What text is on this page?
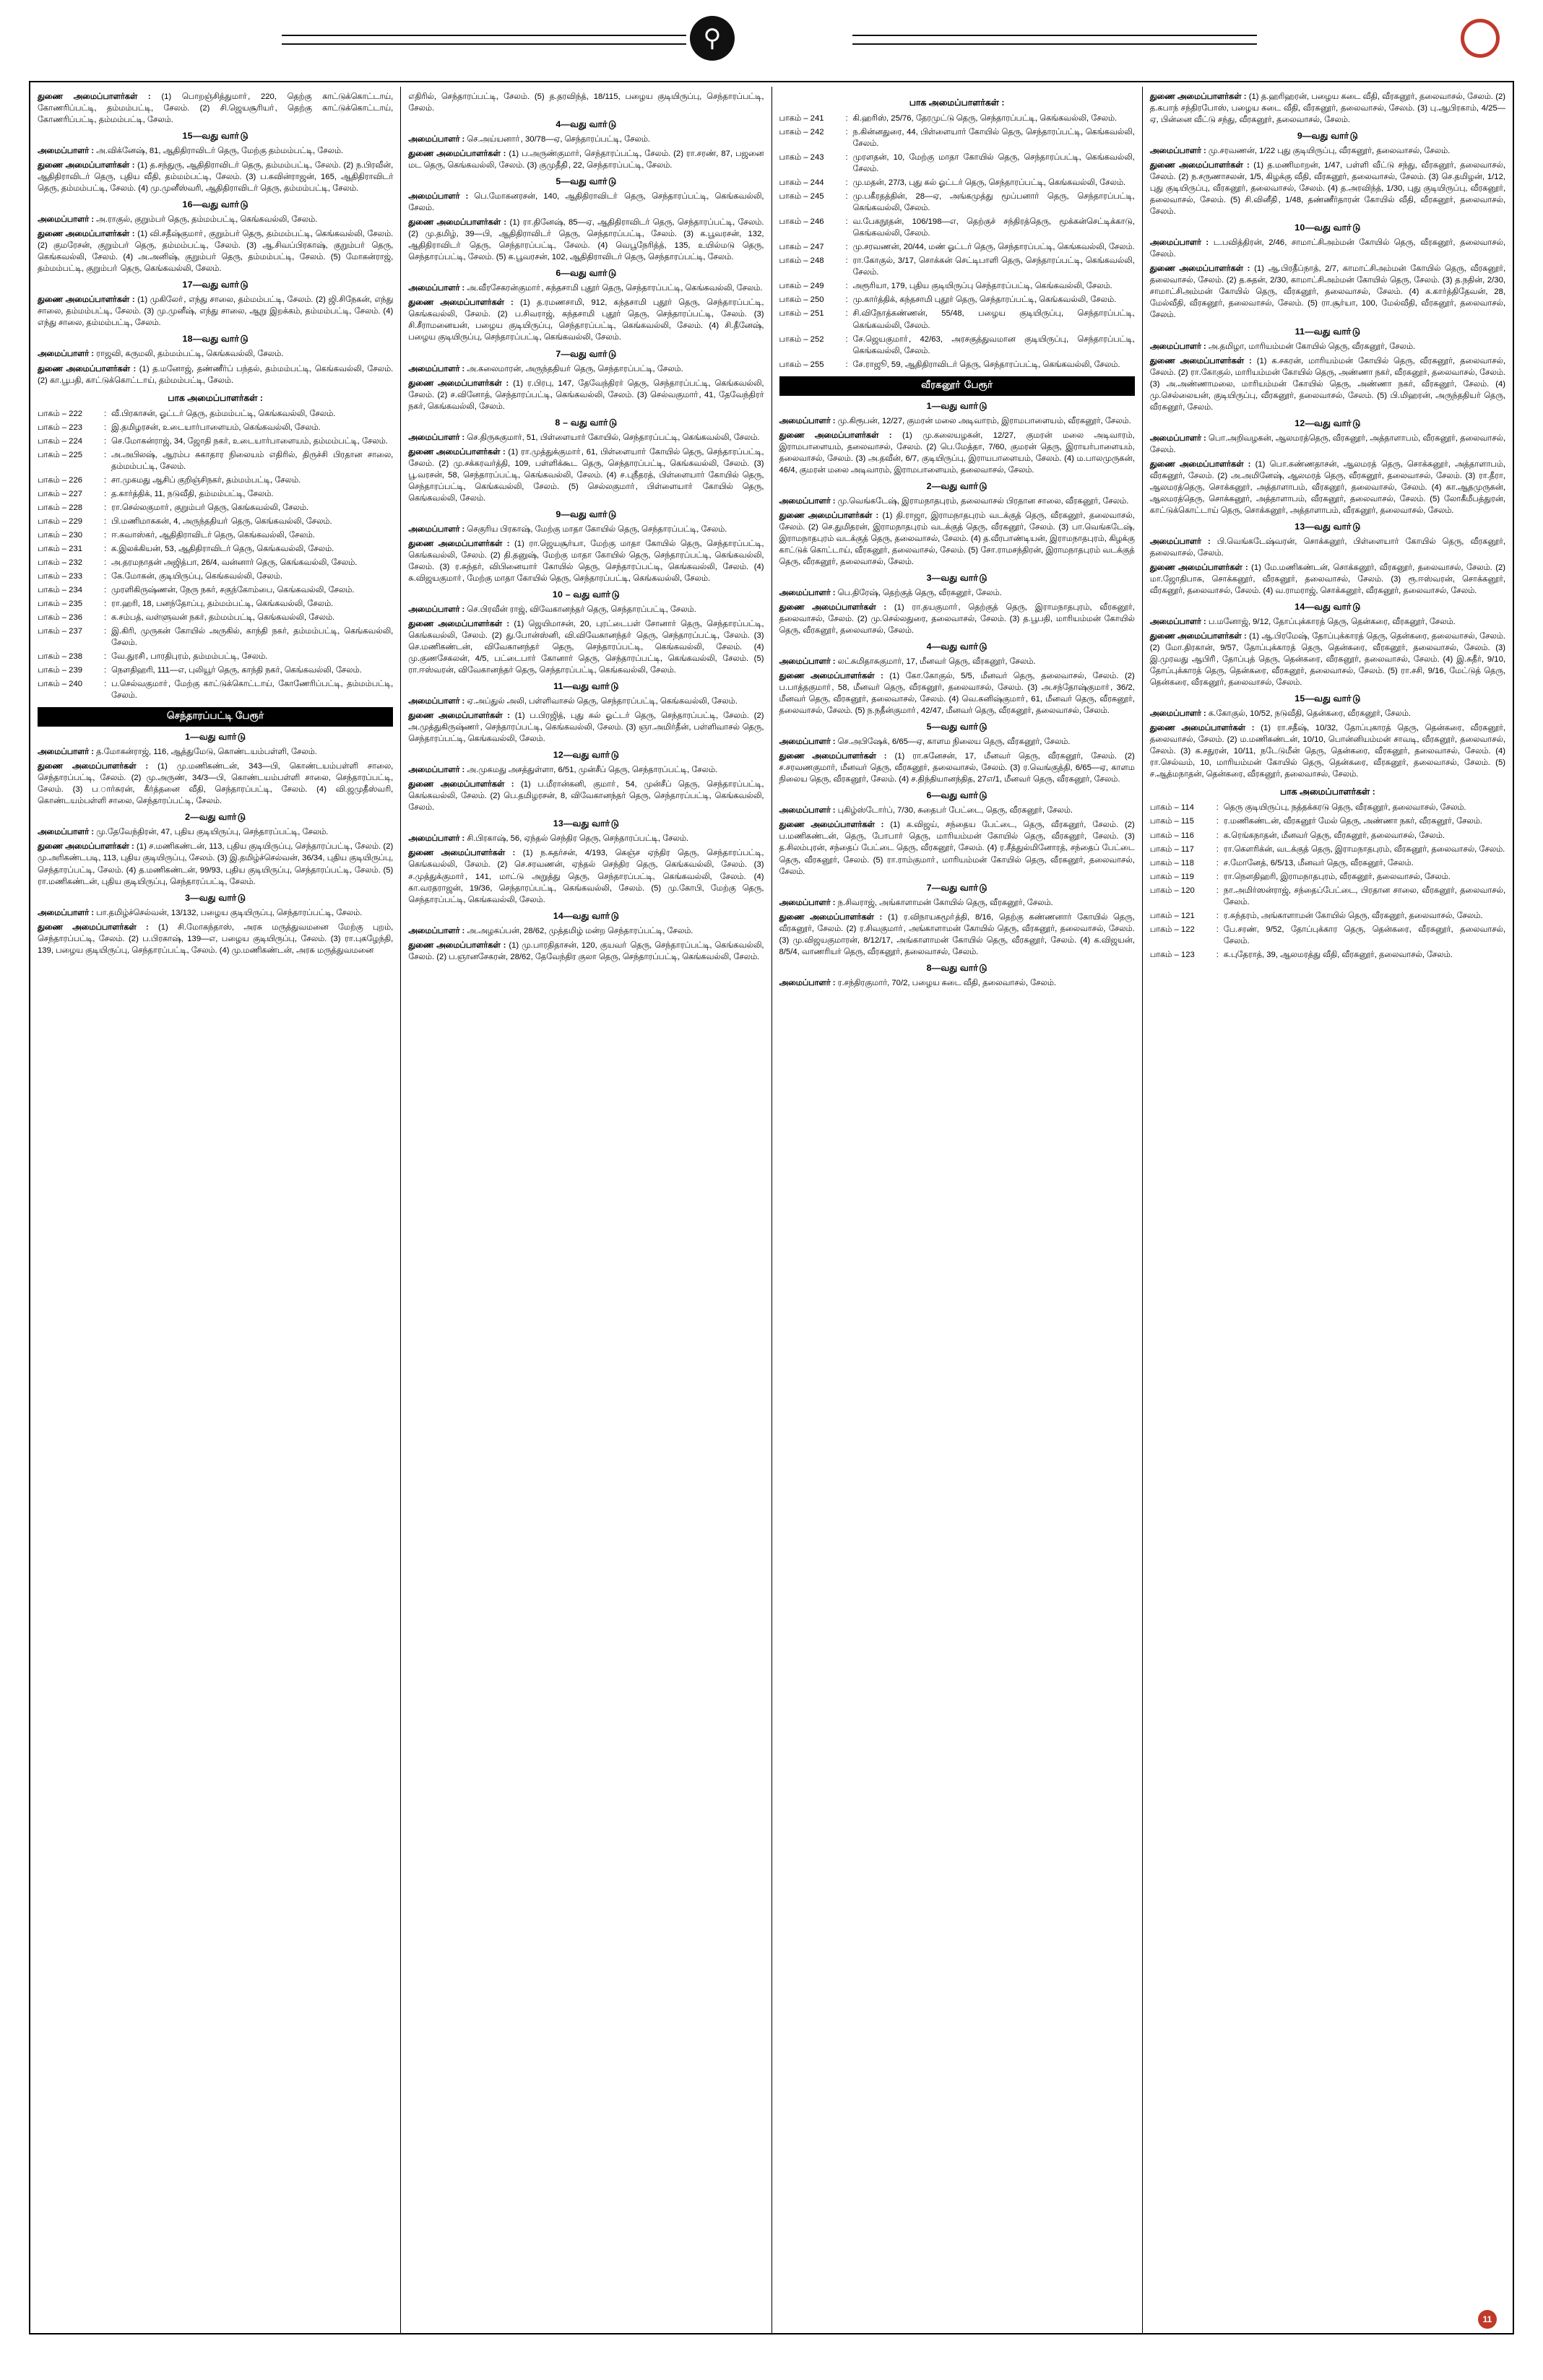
⚲

துணை அமைப்பாளர்கள் : (1) பொறஞ்சித்துமாா், 220, தெற்கு காட்டுக்கொட்டாய், கோணரிப்பட்டி, தம்மம்பட்டி, சேலம். (2) சி.ஜெயசூரியா், தெற்கு காட்டுக்கொட்டாய், கோணரிப்பட்டி, தம்மம்பட்டி, சேலம்.

15—வது வாா்டு

அமைப்பாளர் : அ.விக்னேஷ், 81, ஆதிதிராவிடர் தெரு, மேற்கு தம்மம்பட்டி, சேலம்.

துணை அமைப்பாளர்கள் : (1) த.சந்துரு, ஆதிதிராவிடர் தெரு, தம்மம்பட்டி, சேலம். (2) ந.பிரவீன், ஆதிதிராவிடர் தெரு, புதிய வீதி, தம்மம்பட்டி, சேலம். (3) ப.கவின்ராஜன், 165, ஆதிதிராவிடர் தெரு, தம்மம்பட்டி, சேலம். (4) மு.முனீஸ்வரி, ஆதிதிராவிடர் தெரு, தம்மம்பட்டி, சேலம்.

16—வது வாா்டு

அமைப்பாளர் : அ.ராகுல், குறும்பர் தெரு, தம்மம்பட்டி, கெங்கவல்லி, சேலம்.

துணை அமைப்பாளர்கள் : (1) வி.சதீஷ்குமாா், குறும்பர் தெரு, தம்மம்பட்டி, கெங்கவல்லி, சேலம். (2) குமரேசன், குறும்பர் தெரு, தம்மம்பட்டி, சேலம். (3) ஆ.சிவப்பிரகாஷ், குறும்பா் தெரு, கெங்கவல்லி, சேலம். (4) அ.அனிஷ், குறும்பர் தெரு, தம்மம்பட்டி, சேலம். (5) மோகன்ராஜ், தம்மம்பட்டி, குறும்பா் தெரு, கெங்கவல்லி, சேலம்.

17—வது வாா்டு

துணை அமைப்பாளர்கள் : (1) முகிலோ், எந்து சாலை, தம்மம்பட்டி, சேலம். (2) ஜி.சிநேகன், எந்து சாலை, தம்மம்பட்டி, சேலம். (3) மு.முனீஷ், எந்து சாலை, ஆறு இறக்கம், தம்மம்பட்டி, சேலம். (4) எந்து சாலை, தம்மம்பட்டி, சேலம்.

18—வது வாா்டு

அமைப்பாளர் : ராஜவி, கருமலி, தம்மம்பட்டி, கெங்கவல்லி, சேலம்.

துணை அமைப்பாளர்கள் : (1) த.மனோஜ், தண்ணீர்ப் பந்தல், தம்மம்பட்டி, கெங்கவல்லி, சேலம். (2) கா.பூபதி, காட்டுக்கொட்டாய், தம்மம்பட்டி, சேலம்.

பாக அமைப்பாளர்கள் :
பாகம் – 222	: வீ.பிரகாசன், ஓட்டர் தெரு, தம்மம்பட்டி, கெங்கவல்லி, சேலம்.
பாகம் – 223	: இ.தமிழரசன், உடையார்பாளையம், கெங்கவல்லி, சேலம்.
பாகம் – 224	: செ.மோகன்ராஜ், 34, ஜோதி நகர், உடையார்பாளையம், தம்மம்பட்டி, சேலம்.
பாகம் – 225	: அ.அபிலஷ், ஆரம்ப சுகாதார நிலையம் எதிரில், திருச்சி பிரதான சாலை, தம்மம்பட்டி, சேலம்.
பாகம் – 226	: சா.முகமது ஆசிப் குறிஞ்சிநகர், தம்மம்பட்டி, சேலம்.
பாகம் – 227	: த.கார்த்திக், 11, நடுவீதி, தம்மம்பட்டி, சேலம்.
பாகம் – 228	: ரா.செல்லகுமாா், குறும்பர் தெரு, கெங்கவல்லி, சேலம்.
பாகம் – 229	: பி.மணிமாசுகன், 4, அருந்ததியா் தெரு, கெங்கவல்லி, சேலம்.
பாகம் – 230	: ஈ.கவாஸ்கர், ஆதிதிராவிடர் தெரு, கெங்கவல்லி, சேலம்.
பாகம் – 231	: க.இலக்கியன், 53, ஆதிதிராவிடர் தெரு, கெங்கவல்லி, சேலம்.
பாகம் – 232	: அ.தரமநாதன் அஜித்பா, 26/4, வன்னார் தெரு, கெங்கவல்லி, சேலம்.
பாகம் – 233	: கே.மோகன், குடியிருப்பு, கெங்கவல்லி, சேலம்.
பாகம் – 234	: முரளிகிருஷ்ணன், நேரு நகர், சகுந்கோம்பை, கெங்கவல்லி, சேலம்.
பாகம் – 235	: ரா.ஹரி, 18, பனந்தோப்பு, தம்மம்பட்டி, கெங்கவல்லி, சேலம்.
பாகம் – 236	: க.சம்பத், வள்ளுவன் நகர், தம்மம்பட்டி, கெங்கவல்லி, சேலம்.
பாகம் – 237	: இ.கிரி, முருகன் கோயில் அருகில், காந்தி நகர், தம்மம்பட்டி, கெங்கவல்லி, சேலம்.
பாகம் – 238	: வே.துரசி், பாரதிபுரம், தம்மம்பட்டி, சேலம்.
பாகம் – 239	: நெளதிஹரி, 111—எ, புலியூர் தெரு, காந்தி நகர், கெங்கவல்லி, சேலம்.
பாகம் – 240	: ப.செல்வகுமாா், மேற்கு காட்டுக்கொட்டாய், கோணேரிப்பட்டி, தம்மம்பட்டி, சேலம்.
செந்தாரப்பட்டி பேரூர்
1—வது வாா்டு

அமைப்பாளர் : த.மோகன்ராஜ், 116, ஆத்துமேடு, கொண்டயம்பள்ளி, சேலம்.

துணை அமைப்பாளர்கள் : (1) மு.மணிகண்டன், 343—பி, கொண்டயம்பள்ளி சாலை, செந்தாரப்பட்டி, சேலம். (2) மு.அருண், 34/3—பி, கொண்டயம்பள்ளி சாலை, செந்தாரப்பட்டி, சேலம். (3) ப.ார்சுரன், கீர்த்தனை வீதி, செந்தாரப்பட்டி, சேலம். (4) வி.ஜமுதீஸ்வரி, கொண்டயம்பள்ளி சாலை, செந்தாரப்பட்டி, சேலம்.

2—வது வாா்டு

அமைப்பாளர் : மு.தேவேந்திரன், 47, புதிய குடியிருப்பு, செந்தாரப்பட்டி, சேலம்.

துணை அமைப்பாளர்கள் : (1) ச.மணிகண்டன், 113, புதிய குடியிருப்பு, செந்தாரப்பட்டி, சேலம். (2) மு.அரிகண்டபடி, 113, புதிய குடியிருப்பு, சேலம். (3) இ.தமிழ்ச்செல்வன், 36/34, புதிய குடியிருப்பு, செந்தாரப்பட்டி, சேலம். (4) த.மணிகண்டன், 99/93, புதிய குடியிருப்பு, செந்தாரப்பட்டி, சேலம். (5) ரா.மணிகண்டன், புதிய குடியிருப்பு, செந்தாரப்பட்டி, சேலம்.

3—வது வாா்டு

அமைப்பாளர் : பா.தமிழ்ச்செல்வன், 13/132, பழைய குடியிருப்பு, செந்தாரப்பட்டி, சேலம்.

துணை அமைப்பாளர்கள் : (1) சி.மோகந்தாஸ், அரசு மருத்துவமனை மேற்கு புறம், செந்தாரப்பட்டி, சேலம். (2) ப.பிரகாஷ், 139—எ, பழைய குடியிருப்பு, சேலம். (3) ரா.புகழேந்தி, 139, பழைய குடியிருப்பு, செந்தாரப்பட்டி, சேலம். (4) மு.மணிகண்டன், அரசு மருத்துவமனை

எதிரில், செந்தாரப்பட்டி, சேலம். (5) த.தரவிந்த், 18/115, பழைய குடியிருப்பு, செந்தாரப்பட்டி, சேலம்.

4—வது வாா்டு

அமைப்பாளர் : செ.அய்யனாா், 30/78—ஏ, செந்தாரப்பட்டி, சேலம்.

துணை அமைப்பாளர்கள் : (1) ப.அருண்குமார், செந்தாரப்பட்டி, சேலம். (2) ரா.சரண், 87, பஜனை மட தெரு, கெங்கவல்லி, சேலம். (3) குமுதீதி், 22, செந்தாரப்பட்டி, சேலம்.

5—வது வாா்டு

அமைப்பாளர் : பெ.மோகனரசன், 140, ஆதிதிராவிடா் தெரு, செந்தாரப்பட்டி, கெங்கவல்லி, சேலம்.

துணை அமைப்பாளர்கள் : (1) ரா.தினேஷ், 85—ஏ, ஆதிதிராவிடர் தெரு, செந்தாரப்பட்டி, சேலம். (2) மு.தமிழ், 39—பி, ஆதிதிராவிடா் தெரு, செந்தாரப்பட்டி, சேலம். (3) க.பூவரசன், 132, ஆதிதிராவிடா் தெரு, செந்தாரப்பட்டி, சேலம். (4) வெபூநேரித்த், 135, உயில்மடு தெரு, செந்தாரப்பட்டி, சேலம். (5) க.பூவரசன், 102, ஆதிதிராவிடர் தெரு, செந்தாரப்பட்டி, சேலம்.

6—வது வாா்டு

அமைப்பாளர் : அ.வீரசேகரன்குமாா், கந்தசாமி புதூர் தெரு, செந்தாரப்பட்டி, கெங்கவல்லி, சேலம்.

துணை அமைப்பாளர்கள் : (1) த.ரமணசாமி, 912, கந்தசாமி புதூர் தெரு, செந்தாரப்பட்டி, கெங்கவல்லி, சேலம். (2) ப.சிவராஜ், கந்தசாமி புதூர் தெரு, செந்தாரப்பட்டி, சேலம். (3) சி.சீராமனையன், பழைய குடியிருப்பு, செந்தாரப்பட்டி, கெங்கவல்லி, சேலம். (4) சி.தீனேஷ், பழைய குடியிருப்பு, செந்தாரப்பட்டி, கெங்கவல்லி, சேலம்.

7—வது வாா்டு

அமைப்பாளர் : அ.கலைமாரன், அருந்ததியா் தெரு, செந்தாரப்பட்டி, சேலம்.

துணை அமைப்பாளர்கள் : (1) ர.பிரபு, 147, தேவேந்திரர் தெரு, செந்தாரப்பட்டி, கெங்கவல்லி, சேலம். (2) ச.வினோத், செந்தாரப்பட்டி, கெங்கவல்லி, சேலம். (3) செல்வகுமாா், 41, தேவேந்திரர் நகர், கெங்கவல்லி, சேலம்.

8 – வது வாா்டு

அமைப்பாளர் : செ.திருசுகுமார், 51, பிள்ளையார் கோயில், செந்தாரப்பட்டி, கெங்கவல்லி, சேலம்.

துணை அமைப்பாளர்கள் : (1) ரா.முத்துக்குமாா், 61, பிள்ளையாா் கோயில் தெரு, செந்தாரப்பட்டி, சேலம். (2) மு.சக்கரவர்த்தி, 109, பள்ளிக்கூட தெரு, செந்தாரப்பட்டி, கெங்கவல்லி, சேலம். (3) பூ.வரசன், 58, செந்தாரப்பட்டி, கெங்கவல்லி, சேலம். (4) ச.புநீதரத், பிள்ளையார் கோயில் தெரு, செந்தாரப்பட்டி, கெங்கவல்லி, சேலம். (5) செல்லகுமாா், பிள்ளையாா் கோயில் தெரு, கெங்கவல்லி, சேலம்.

9—வது வாா்டு

அமைப்பாளர் : செகுரிய பிரகாஷ், மேற்கு மாதா கோயில் தெரு, செந்தாரப்பட்டி, சேலம்.

துணை அமைப்பாளர்கள் : (1) ரா.ஜெயசூர்யா, மேற்கு மாதா கோயில் தெரு, செந்தாரப்பட்டி, கெங்கவல்லி, சேலம். (2) தி.தனுஷ், மேற்கு மாதா கோயில் தெரு, செந்தாரப்பட்டி, கெங்கவல்லி, சேலம். (3) ர.சுந்தர், விபினையார் கோயில் தெரு, செந்தாரப்பட்டி, கெங்கவல்லி, சேலம். (4) சு.விஜயகுமாா், மேற்கு மாதா கோயில் தெரு, செந்தாரப்பட்டி, கெங்கவல்லி, சேலம்.

10 – வது வாா்டு

அமைப்பாளர் : செ.பிரவீன் ராஜ், விவேகானந்தர் தெரு, செந்தாரப்பட்டி, சேலம்.

துணை அமைப்பாளர்கள் : (1) ஜெயிமாசன், 20, புரட்டைபள் சோனார் தெரு, செந்தாரப்பட்டி, கெங்கவல்லி, சேலம். (2) து.போன்ஸ்னி, வி.விவேகானந்தா் தெரு, செந்தாரப்பட்டி, சேலம். (3) செ.மணிகண்டன், விவேகானந்தா் தெரு, செந்தாரப்பட்டி, கெங்கவல்லி, சேலம். (4) மு.குணசேகலன், 4/5, பட்டைபார் கோனார் தெரு, செந்தாரப்பட்டி, கெங்கவல்லி, சேலம். (5) ரா.ஈஸ்வரன், விவேகானந்தர் தெரு, செந்தாரப்பட்டி, கெங்கவல்லி, சேலம்.

11—வது வாா்டு

அமைப்பாளர் : ஏ.அப்துல் அலி, பள்ளிவாசல் தெரு, செந்தாரப்பட்டி, கெங்கவல்லி, சேலம்.

துணை அமைப்பாளர்கள் : (1) ப.பிரஜித், புது கல் ஓட்டர் தெரு, செந்தாரப்பட்டி, சேலம். (2) அ.முத்துகிருஷ்ணா், செந்தாரப்பட்டி, கெங்கவல்லி, சேலம். (3) ஞா.அமிர்தீன், பள்ளிவாசல் தெரு, செந்தாரப்பட்டி, கெங்கவல்லி, சேலம்.

12—வது வாா்டு

அமைப்பாளர் : அ.முகமது அசத்துள்ளா, 6/51, முன்சீப் தெரு, செந்தாரப்பட்டி, சேலம்.

துணை அமைப்பாளர்கள் : (1) ப.மீரான்கனி, குமாா், 54, முன்சீப் தெரு, செந்தாரப்பட்டி, கெங்கவல்லி, சேலம். (2) பெ.தமிழரசன், 8, விவேகானந்தர் தெரு, செந்தாரப்பட்டி, கெங்கவல்லி, சேலம்.

13—வது வாா்டு

அமைப்பாளர் : சி.பிரகாஷ், 56, ஏந்தல் செந்திர தெரு, செந்தாரப்பட்டி, சேலம்.

துணை அமைப்பாளர்கள் : (1) ந.சுதர்சன், 4/193, கெஞ்ச ஏந்திர தெரு, செந்தாரப்பட்டி, கெங்கவல்லி, சேலம். (2) செ.சரவணன், ஏந்தல் செந்திர தெரு, கெங்கவல்லி, சேலம். (3) ச.முத்துக்குமாா், 141, மாட்டு அறுத்து தெரு, செந்தாரப்பட்டி, கெங்கவல்லி, சேலம். (4) கா.வரதராஜன், 19/36, செந்தாரப்பட்டி, கெங்கவல்லி, சேலம். (5) மு.கோபி, மேற்கு தெரு, செந்தாரப்பட்டி, கெங்கவல்லி, சேலம்.

14—வது வாா்டு

அமைப்பாளர் : அ.அழகப்பன், 28/62, முத்தமிழ் மன்ற செந்தாரப்பட்டி, சேலம்.

துணை அமைப்பாளர்கள் : (1) மு.பாரதிதாசன், 120, குயவா் தெரு, செந்தாரப்பட்டி, கெங்கவல்லி, சேலம். (2) ப.ஞானசேகரன், 28/62, தேவேந்திர குலா தெரு, செந்தாரப்பட்டி, கெங்கவல்லி, சேலம்.

பாக அமைப்பாளர்கள் :
பாகம் – 241	: கி.ஹரிஸ், 25/76, தேரமுட்டு தெரு, செந்தாரப்பட்டி, கெங்கவல்லி, சேலம்.
பாகம் – 242	: ந.கின்னதுரை, 44, பிள்ளையார் கோயில் தெரு, செந்தாரப்பட்டி, கெங்கவல்லி, சேலம்.
பாகம் – 243	: முரளதன், 10, மேற்கு மாதா கோயில் தெரு, செந்தாரப்பட்டி, கெங்கவல்லி, சேலம்.
பாகம் – 244	: மு.மதன், 27/3, புது கல் ஓட்டர் தெரு, செந்தாரப்பட்டி, கெங்கவல்லி, சேலம்.
பாகம் – 245	: மு.பகீரதத்தின், 28—ஏ, அங்கமுத்து மூப்பனார் தெரு, செந்தாரப்பட்டி, கெங்கவல்லி, சேலம்.
பாகம் – 246	: வ.பேகநூதன், 106/198—எ, தெற்குச் சந்திரத்தெரு, மூக்கன்செட்டிக்காடு, கெங்கவல்லி, சேலம்.
பாகம் – 247	: மு.சரவணன், 20/44, மண் ஓட்டர் தெரு, செந்தாரப்பட்டி, கெங்கவல்லி, சேலம்.
பாகம் – 248	: ரா.கோகுல், 3/17, சொக்கன் செட்டிபாளி தெரு, செந்தாரப்பட்டி, கெங்கவல்லி, சேலம்.
பாகம் – 249	: அரூரியா, 179, புதிய குடியிருப்பு செந்தாரப்பட்டி, கெங்கவல்லி, சேலம்.
பாகம் – 250	: மு.கார்த்திக், கந்தசாமி புதூர் தெரு, செந்தாரப்பட்டி, கெங்கவல்லி, சேலம்.
பாகம் – 251	: சி.விநோத்கண்ணன், 55/48, பழைய குடியிருப்பு, செந்தாரப்பட்டி, கெங்கவல்லி, சேலம்.
பாகம் – 252	: சே.ஜெயகுமாா், 42/63, அரசகுத்துவமான குடியிருப்பு, செந்தாரப்பட்டி, கெங்கவல்லி, சேலம்.
பாகம் – 255	: சே.ராஜூ, 59, ஆதிதிராவிடர் தெரு, செந்தாரப்பட்டி, கெங்கவல்லி, சேலம்.
வீரகனூா் பேரூர்
1—வது வாா்டு

அமைப்பாளர் : மு.கிரூபன், 12/27, குமரன் மலை அடிவாரம், இராமபாளையம், வீரகனூர், சேலம்.

துணை அமைப்பாளர்கள் : (1) மு.கலையழகன், 12/27, குமரன் மலை அடிவாரம், இராமபாளையம், தலைவாசல், சேலம். (2) பெ.மேத்தா, 7/60, குமரன் தெரு, இராயர்பாளையம், தலைவாசல், சேலம். (3) அ.தவீன், 6/7, குடியிருப்பு, இராயபாளையம், சேலம். (4) ம.பாலமுருகன், 46/4, குமரன் மலை அடிவாரம், இராமபாளையம், தலைவாசல், சேலம்.

2—வது வாா்டு

அமைப்பாளர் : மு.வெங்கடேஷ், இராமநாதபுரம், தலைவாசல் பிரதான சாலை, வீரகனூர், சேலம்.

துணை அமைப்பாளர்கள் : (1) தி.ராஜா, இராமநாதபுரம் வடக்குத் தெரு, வீரகனூர், தலைவாசல், சேலம். (2) செ.துமிதரன், இராமநாதபுரம் வடக்குத் தெரு, வீரகனூர், சேலம். (3) பா.வெங்கடேஷ், இராமநாதபுரம் வடக்குத் தெரு, தலைவாசல், சேலம். (4) த.வீரபாண்டியன், இராமநாதபுரம், கிழக்கு காட்டுக் கொட்டாய், வீரகனூர், தலைவாசல், சேலம். (5) சோ.ராமசந்திரன், இராமநாதபுரம் வடக்குத் தெரு, வீரகனூர், தலைவாசல், சேலம்.

3—வது வாா்டு

அமைப்பாளர் : பெ.திரேஷ், தெற்குத் தெரு, வீரகனூர், சேலம்.

துணை அமைப்பாளர்கள் : (1) ரா.தயகுமாா், தெற்குத் தெரு, இராமநாதபுரம், வீரகனூர், தலைவாசல், சேலம். (2) மு.செல்லதுரை, தலைவாசல், சேலம். (3) த.பூபதி, மாரியம்மன் கோயில் தெரு, வீரகனூர், தலைவாசல், சேலம்.

4—வது வாா்டு

அமைப்பாளர் : லட்சுமிதாசுகுமார், 17, மீனவர் தெரு, வீரகனூர், சேலம்.

துணை அமைப்பாளர்கள் : (1) கோ.கோகுல், 5/5, மீனவர் தெரு, தலைவாசல், சேலம். (2) ப.பாத்தகுமாா், 58, மீனவர் தெரு, வீரகனூர், தலைவாசல், சேலம். (3) அ.சந்தோஷ்குமாா், 36/2, மீனவர் தெரு, வீரகனூர், தலைவாசல், சேலம். (4) வெ.கனிஷ்குமாா், 61, மீனவர் தெரு, வீரகனூர், தலைவாசல், சேலம். (5) ந.நதீன்குமாா், 42/47, மீனவர் தெரு, வீரகனூர், தலைவாசல், சேலம்.

5—வது வாா்டு

அமைப்பாளர் : செ.அபிஷேக், 6/65—ஏ, காளம நிலைய தெரு, வீரகனூர், சேலம்.

துணை அமைப்பாளர்கள் : (1) ரா.கனேசன், 17, மீனவர் தெரு, வீரகனூர், சேலம். (2) ச.சரவணகுமார், மீனவர் தெரு, வீரகனூர், தலைவாசல், சேலம். (3) ர.வெங்குத்தி, 6/65—ஏ, காளம நிலைய தெரு, வீரகனூர், சேலம். (4) ச.திந்தியானந்தித, 27எ/1, மீனவர் தெரு, வீரகனூர், சேலம்.

6—வது வாா்டு

அமைப்பாளர் : புகிழ்ஸ்டோர்ப், 7/30, சுதைபர் பேட்டை, தெரு, வீரகனூர், சேலம்.

துணை அமைப்பாளர்கள் : (1) க.விஜய், சந்தைய பேட்டை, தெரு, வீரகனூர், சேலம். (2) ப.மணிகண்டன், தெரு, போபார் தெரு, மாரியம்மன் கோயில் தெரு, வீரகனூர், சேலம். (3) த.சிலம்புரன், சந்தைப் பேட்டை தெரு, வீரகனூர், சேலம். (4) ர.சீத்துல்மினோரத், சந்தைப் பேட்டை தெரு, வீரகனூர், சேலம். (5) ரா.ராம்குமாா், மாரியம்மன் கோயில் தெரு, வீரகனூர், தலைவாசல், சேலம்.

7—வது வாா்டு

அமைப்பாளர் : ந.சிவராஜ், அங்காளாமன் கோயில் தெரு, வீரகனூர், சேலம்.

துணை அமைப்பாளர்கள் : (1) ர.விநாயகமூா்த்தி, 8/16, தெற்கு கண்ணனார் கோயில் தெரு, வீரகனூர், சேலம். (2) ர.சிவகுமாா், அங்காளாமன் கோயில் தெரு, வீரகனூர், தலைவாசல், சேலம். (3) மு.விஜயகுமாரன், 8/12/17, அங்காளாமன் கோயில் தெரு, வீரகனூர், சேலம். (4) க.விஜயன், 8/5/4, வாணரியர் தெரு, வீரகனூர், தலைவாசல், சேலம்.

8—வது வாா்டு

அமைப்பாளர் : ர.சந்திரகுமார், 70/2, பழைய கடை வீதி, தலைவாசல், சேலம்.

துணை அமைப்பாளர்கள் : (1) த.ஹரிஹரன், பழைய கடை வீதி, வீரகனூர், தலைவாசல், சேலம். (2) த.கபாந் சந்திரபோஸ், பழைய கடை வீதி, வீரகனூர், தலைவாசல், சேலம். (3) பு.ஆபிரகாம், 4/25—ஏ, பின்னை வீட்டு சந்து, வீரகனூர், தலைவாசல், சேலம்.

9—வது வாா்டு

அமைப்பாளர் : மு.சரவணன், 1/22 புது குடியிருப்பு, வீரகனூர், தலைவாசல், சேலம்.

துணை அமைப்பாளர்கள் : (1) த.மணிமாறன், 1/47, பள்ளி வீட்டு சந்து, வீரகனூர், தலைவாசல், சேலம். (2) ந.சருணாசலன், 1/5, கிழக்கு வீதி, வீரகனூர், தலைவாசல், சேலம். (3) செ.தமிழன், 1/12, புது குடியிருப்பு, வீரகனூர், தலைவாசல், சேலம். (4) த.அரவிந்த், 1/30, புது குடியிருப்பு, வீரகனூர், தலைவாசல், சேலம். (5) சி.வினீதி், 1/48, தண்ணீர்தாரன் கோயில் வீதி, வீரகனூர், தலைவாசல், சேலம்.

10—வது வாா்டு

அமைப்பாளர் : ட.பவித்திரன், 2/46, சாமாட்சிஅம்மன் கோயில் தெரு, வீரகனூர், தலைவாசல், சேலம்.

துணை அமைப்பாளர்கள் : (1) ஆ.பிரதீப்நாத், 2/7, காமாட்சிஅம்மன் கோயில் தெரு, வீரகனூர், தலைவாசல், சேலம். (2) த.சுதன், 2/30, காமாட்சிஅம்மன் கோயில் தெரு, சேலம். (3) த.நதின், 2/30, சாமாட்சிஅம்மன் கோயில் தெரு, வீரகனூர், தலைவாசல், சேலம். (4) க.கார்த்திதேவன், 28, மேல்வீதி, வீரகனூர், தலைவாசல், சேலம். (5) ரா.சூர்யா, 100, மேல்வீதி, வீரகனூர், தலைவாசல், சேலம்.

11—வது வாா்டு

அமைப்பாளர் : அ.தமிழா, மாரியம்மன் கோயில் தெரு, வீரகனூர், சேலம்.

துணை அமைப்பாளர்கள் : (1) க.சகரன், மாரியம்மன் கோயில் தெரு, வீரகனூர், தலைவாசல், சேலம். (2) ரா.கோகுல், மாரியம்மன் கோயில் தெரு, அண்ணா நகர், வீரகனூர், தலைவாசல், சேலம். (3) அ.அண்ணாமலை, மாரியம்மன் கோயில் தெரு, அண்ணா நகர், வீரகனூர், சேலம். (4) மு.செல்லையன், குடியிருப்பு, வீரகனூர், தலைவாசல், சேலம். (5) பி.மிஹரன், அருந்ததியர் தெரு, வீரகனூர், சேலம்.

12—வது வாா்டு

அமைப்பாளர் : பொ.அறிவழகன், ஆலமரத்தெரு, வீரகனூர், அத்தாளாபம், வீரகனூர், தலைவாசல், சேலம்.

துணை அமைப்பாளர்கள் : (1) பொ.கண்ணதாசன், ஆலமரத் தெரு, சொக்கனூர், அத்தாளாபம், வீரகனூர், சேலம். (2) அ.அமினேஷ், ஆலமரத் தெரு, வீரகனூர், தலைவாசல், சேலம். (3) ரா.தீரா, ஆலமரத்தெரு, சொக்கனூர், அத்தாளாபம், வீரகனூர், தலைவாசல், சேலம். (4) கா.ஆதமுருகன், ஆலமரத்தெரு, சொக்கனூர், அத்தாளாபம், வீரகனூர், தலைவாசல், சேலம். (5) லோகீமீபத்துரன், காட்டுக்கொட்டாய் தெரு, சொக்கனூர், அத்தாளாபம், வீரகனூர், தலைவாசல், சேலம்.

13—வது வாா்டு

அமைப்பாளர் : பி.வெங்கடேஷ்வரன், சொக்கனூர், பிள்ளையார் கோயில் தெரு, வீரகனூர், தலைவாசல், சேலம்.

துணை அமைப்பாளர்கள் : (1) மே.மணிகண்டன், சொக்கனூர், வீரகனூர், தலைவாசல், சேலம். (2) மா.ஜோதிபாசு, சொக்கனூர், வீரகனூர், தலைவாசல், சேலம். (3) ரூ.ஈஸ்வரன், சொக்கனூர், வீரகனூர், தலைவாசல், சேலம். (4) வ.ராமராஜ், சொக்கனூர், வீரகனூர், தலைவாசல், சேலம்.

14—வது வாா்டு

அமைப்பாளர் : ப.மனோஜ், 9/12, தோப்புக்காரத் தெரு, தென்கரை, வீரகனூர், சேலம்.

துணை அமைப்பாளர்கள் : (1) ஆ.பிரமேஷ், தோப்புக்காரத் தெரு, தென்கரை, தலைவாசல், சேலம். (2) மோ.திரகான், 9/57, தோப்புக்காரத் தெரு, தென்கரை, வீரகனூர், தலைவாசல், சேலம். (3) இ.முரவது ஆபிரி், தோப்புத் தெரு, தென்கரை, வீரகனூர், தலைவாசல், சேலம். (4) இ.சுதீர், 9/10, தோப்புக்காரத் தெரு, தென்கரை, வீரகனூர், தலைவாசல், சேலம். (5) ரா.சசி, 9/16, மேட்டுத் தெரு, தென்கரை, வீரகனூர், தலைவாசல், சேலம்.

15—வது வாா்டு

அமைப்பாளர் : க.கோகுல், 10/52, நடுவீதி, தென்கரை, வீரகனூர், சேலம்.

துணை அமைப்பாளர்கள் : (1) ரா.சதீஷ், 10/32, தோப்புகாரத் தெரு, தென்கரை, வீரகனூர், தலைவாசல், சேலம். (2) ம.மணிகண்டன், 10/10, பொன்னியம்மன் சாவடி, வீரகனூர், தலைவாசல், சேலம். (3) க.சதுரன், 10/11, நடேடுமீன் தெரு, தென்கரை, வீரகனூர், தலைவாசல், சேலம். (4) ரா.செல்வம், 10, மாரியம்மன் கோயில் தெரு, தென்கரை, வீரகனூர், தலைவாசல், சேலம். (5) ச.ஆத்மநாதன், தென்கரை, வீரகனூர், தலைவாசல், சேலம்.

பாக அமைப்பாளர்கள் :
பாகம் – 114	: தெரு குடியிருப்பு, நத்தக்கரடு தெரு, வீரகனூர், தலைவாசல், சேலம்.
பாகம் – 115	: ர.மணிகண்டன், வீரகனூர் மேல் தெரு, அண்ணா நகர், வீரகனூர், சேலம்.
பாகம் – 116	: க.ரெங்கநாதன், மீனவர் தெரு, வீரகனூர், தலைவாசல், சேலம்.
பாகம் – 117	: ரா.கௌரிக்ன், வடக்குத் தெரு, இராமநாதபுரம், வீரகனூர், தலைவாசல், சேலம்.
பாகம் – 118	: ச.மோனேத், 6/5/13, மீனவர் தெரு, வீரகனூர், சேலம்.
பாகம் – 119	: ரா.நெளதிஹரி, இராமநாதபுரம், வீரகனூர், தலைவாசல், சேலம்.
பாகம் – 120	: நா.அமிர்ஸன்ராஜ், சந்தைப்பேட்டை, பிரதான சாலை, வீரகனூர், தலைவாசல், சேலம்.
பாகம் – 121	: ர.சுந்தரம், அங்காளாமன் கோயில் தெரு, வீரகனூர், தலைவாசல், சேலம்.
பாகம் – 122	: பே.சரண், 9/52, தோப்புக்கார தெரு, தென்கரை, வீரகனூர், தலைவாசல், சேலம்.
பாகம் – 123	: க.புதேராத், 39, ஆலமரத்து வீதி, வீரகனூர், தலைவாசல், சேலம்.
11
